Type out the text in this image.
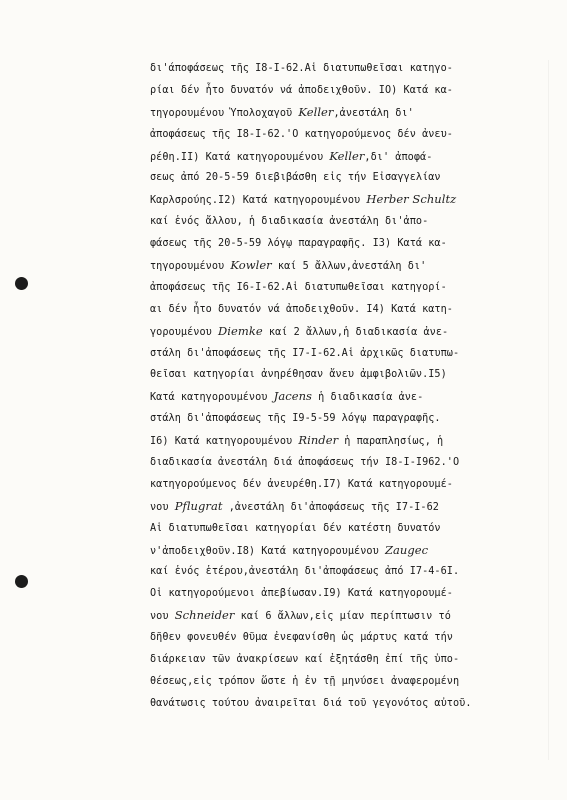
δι'άποφάσεως τῆς Ι8-Ι-62.Αἱ διατυπωθεῖσαι κατηγο-
ρίαι δέν ἦτο δυνατόν νά ἀποδειχθοῦν. ΙΟ) Κατά κα-
τηγορουμένου Ὑπολοχαγοῦ Keller,ἀνεστάλη δι'
ἀποφάσεως τῆς Ι8-Ι-62.'Ο κατηγορούμενος δέν ἀνευ-
ρέθη.ΙΙ) Κατά κατηγορουμένου Keller,δι' ἀποφά-
σεως ἀπό 20-5-59 διεβιβάσθη εἰς τήν Εἰσαγγελίαν
Καρλσρούης.Ι2) Κατά κατηγορουμένου Herber Schultz
καί ἑνός ἄλλου, ἡ διαδικασία ἀνεστάλη δι'ἀπο-
φάσεως τῆς 20-5-59 λόγῳ παραγραφῆς. Ι3) Κατά κα-
τηγορουμένου Kowler καί 5 ἄλλων,ἀνεστάλη δι'
ἀποφάσεως τῆς Ι6-Ι-62.Αἱ διατυπωθεῖσαι κατηγορί-
αι δέν ἦτο δυνατόν νά ἀποδειχθοῦν. Ι4) Κατά κατη-
γορουμένου Diemke καί 2 ἄλλων,ἡ διαδικασία ἀνε-
στάλη δι'ἀποφάσεως τῆς Ι7-Ι-62.Αἱ ἀρχικῶς διατυπω-
θεῖσαι κατηγορίαι ἀνηρέθησαν ἄνευ ἀμφιβολιῶν.Ι5)
Κατά κατηγορουμένου Jacens ἡ διαδικασία ἀνε-
στάλη δι'ἀποφάσεως τῆς Ι9-5-59 λόγῳ παραγραφῆς.
Ι6) Κατά κατηγορουμένου Rinder ἡ παραπλησίως, ἡ
διαδικασία ἀνεστάλη διά ἀποφάσεως τήν Ι8-Ι-Ι962.'Ο
κατηγορούμενος δέν ἀνευρέθη.Ι7) Κατά κατηγορουμέ-
νου Pflugrat ,ἀνεστάλη δι'ἀποφάσεως τῆς Ι7-Ι-62
Αἱ διατυπωθεῖσαι κατηγορίαι δέν κατέστη δυνατόν
ν'ἀποδειχθοῦν.Ι8) Κατά κατηγορουμένου Zaugec
καί ἑνός ἑτέρου,ἀνεστάλη δι'ἀποφάσεως ἀπό Ι7-4-6Ι.
Οἱ κατηγορούμενοι ἀπεβίωσαν.Ι9) Κατά κατηγορουμέ-
νου Schneider καί 6 ἄλλων,εἰς μίαν περίπτωσιν τό
δῆθεν φονευθέν θῦμα ἐνεφανίσθη ὡς μάρτυς κατά τήν
διάρκειαν τῶν ἀνακρίσεων καί ἐξητάσθη ἐπί τῆς ὑπο-
θέσεως,εἰς τρόπον ὥστε ἡ ἐν τῇ μηνύσει ἀναφερομένη
θανάτωσις τούτου ἀναιρεῖται διά τοῦ γεγονότος αὐτοῦ.
